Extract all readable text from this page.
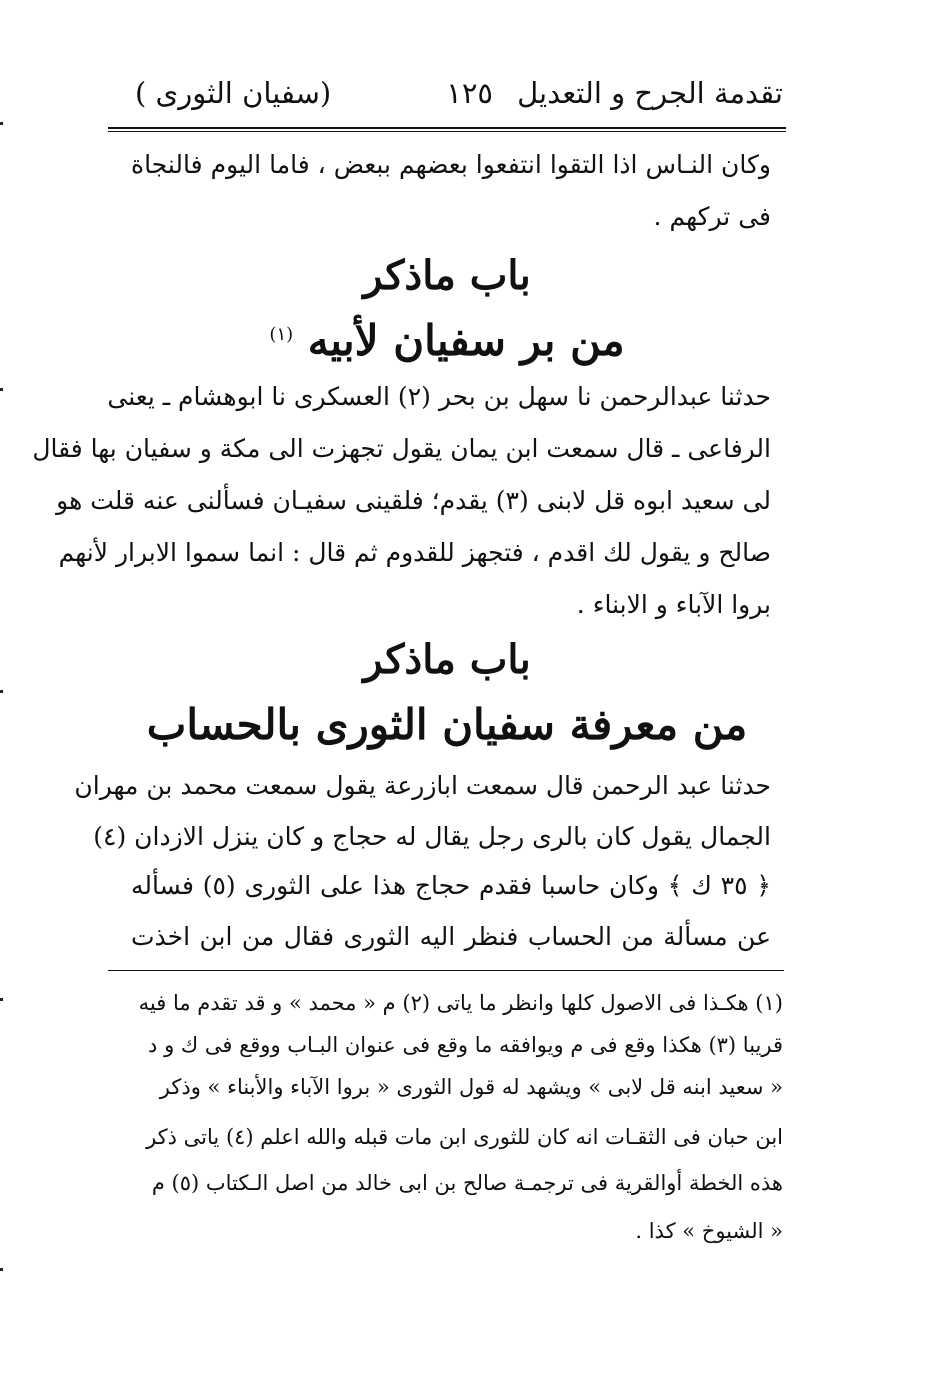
تقدمة الجرح و التعديل
١٢٥
(سفيان الثورى )
وكان النـاس اذا التقوا انتفعوا بعضهم ببعض ، فاما اليوم فالنجاة
فى تركهم .
باب ماذكر
من بر سفيان لأبيه $^{(١)}$
حدثنا عبدالرحمن نا سهل بن بحر (٢) العسكرى نا ابوهشام ـ يعنى
الرفاعى ـ قال سمعت ابن يمان يقول تجهزت الى مكة و سفيان بها فقال
لى سعيد ابوه قل لابنى (٣) يقدم؛ فلقينى سفيـان فسألنى عنه قلت هو
صالح و يقول لك اقدم ، فتجهز للقدوم ثم قال : انما سموا الابرار لأنهم
بروا الآباء و الابناء .
باب ماذكر
من معرفة سفيان الثورى بالحساب
حدثنا عبد الرحمن قال سمعت ابازرعة يقول سمعت محمد بن مهران
الجمال يقول كان بالرى رجل يقال له حجاج و كان ينزل الازدان (٤)
﴿ ٣٥ ك ﴾ وكان حاسبا فقدم حجاج هذا على الثورى (٥) فسأله
عن مسألة من الحساب فنظر اليه الثورى فقال من ابن اخذت
(١) هكـذا فى الاصول كلها وانظر ما ياتى (٢) م « محمد » و قد تقدم ما فيه
قريبا (٣) هكذا وقع فى م ويوافقه ما وقع فى عنوان البـاب ووقع فى ك و د
« سعيد ابنه قل لابى » ويشهد له قول الثورى « بروا الآباء والأبناء » وذكر
ابن حبان فى الثقـات انه كان للثورى ابن مات قبله والله اعلم (٤) ياتى ذكر
هذه الخطة أوالقرية فى ترجمـة صالح بن ابى خالد من اصل الـكتاب (٥) م
« الشيوخ » كذا .
